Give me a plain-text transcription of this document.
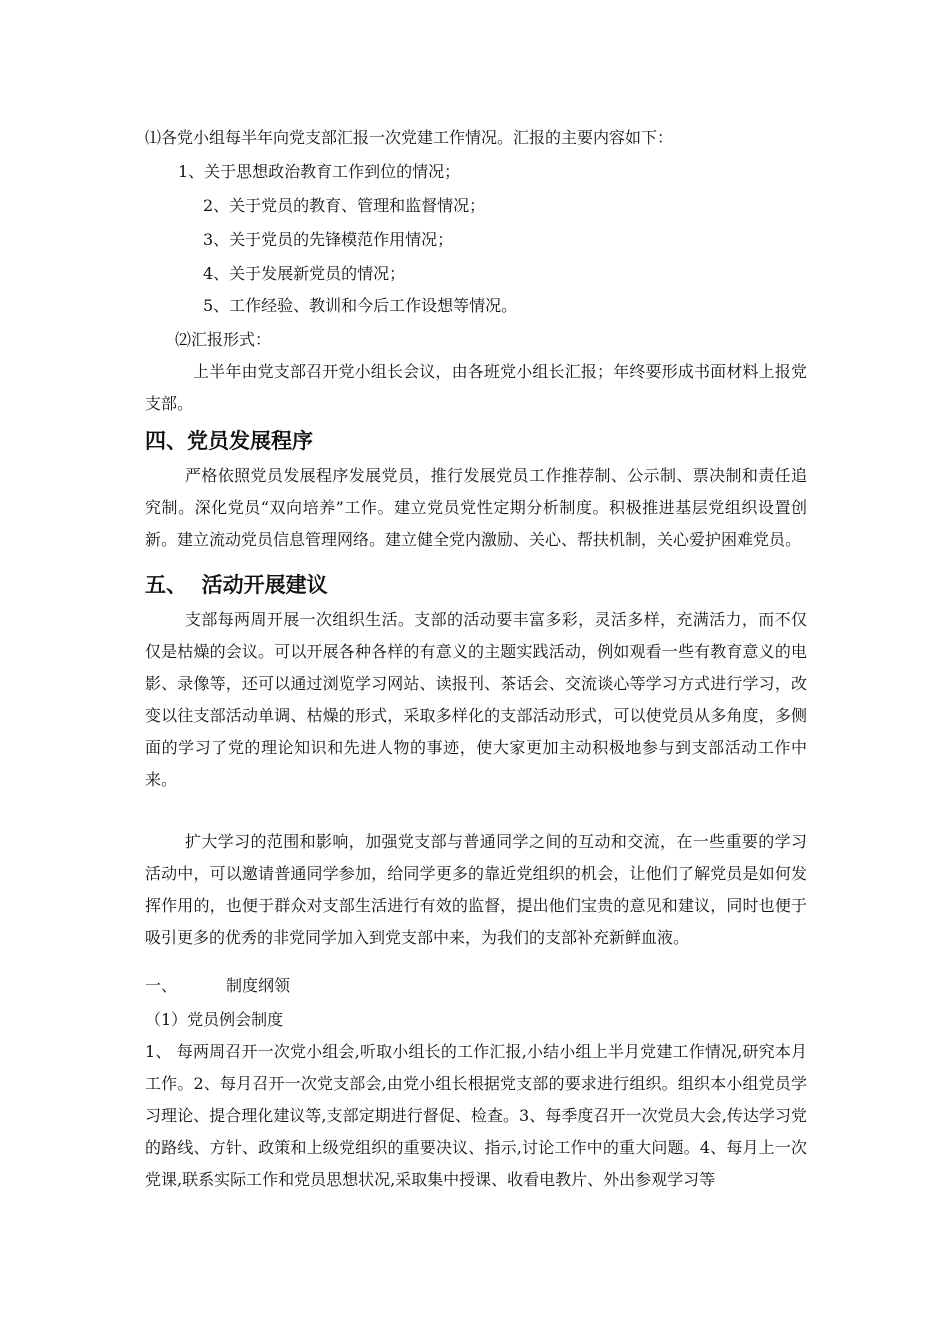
⑴各党小组每半年向党支部汇报一次党建工作情况。汇报的主要内容如下：
1、关于思想政治教育工作到位的情况；
2、关于党员的教育、管理和监督情况；
3、关于党员的先锋模范作用情况；
4、关于发展新党员的情况；
5、工作经验、教训和今后工作设想等情况。
⑵汇报形式：
上半年由党支部召开党小组长会议，由各班党小组长汇报；年终要形成书面材料上报党支部。
四、党员发展程序
严格依照党员发展程序发展党员，推行发展党员工作推荐制、公示制、票决制和责任追究制。深化党员“双向培养”工作。建立党员党性定期分析制度。积极推进基层党组织设置创新。建立流动党员信息管理网络。建立健全党内激励、关心、帮扶机制，关心爱护困难党员。
五、  活动开展建议
支部每两周开展一次组织生活。支部的活动要丰富多彩，灵活多样，充满活力，而不仅仅是枯燥的会议。可以开展各种各样的有意义的主题实践活动，例如观看一些有教育意义的电影、录像等，还可以通过浏览学习网站、读报刊、茶话会、交流谈心等学习方式进行学习，改变以往支部活动单调、枯燥的形式，采取多样化的支部活动形式，可以使党员从多角度，多侧面的学习了党的理论知识和先进人物的事迹，使大家更加主动积极地参与到支部活动工作中来。
扩大学习的范围和影响，加强党支部与普通同学之间的互动和交流，在一些重要的学习活动中，可以邀请普通同学参加，给同学更多的靠近党组织的机会，让他们了解党员是如何发挥作用的，也便于群众对支部生活进行有效的监督，提出他们宝贵的意见和建议，同时也便于吸引更多的优秀的非党同学加入到党支部中来，为我们的支部补充新鲜血液。
一、	制度纲领
（1）党员例会制度
1、 每两周召开一次党小组会,听取小组长的工作汇报,小结小组上半月党建工作情况,研究本月工作。2、每月召开一次党支部会,由党小组长根据党支部的要求进行组织。组织本小组党员学习理论、提合理化建议等,支部定期进行督促、检查。3、每季度召开一次党员大会,传达学习党的路线、方针、政策和上级党组织的重要决议、指示,讨论工作中的重大问题。4、每月上一次党课,联系实际工作和党员思想状况,采取集中授课、收看电教片、外出参观学习等
